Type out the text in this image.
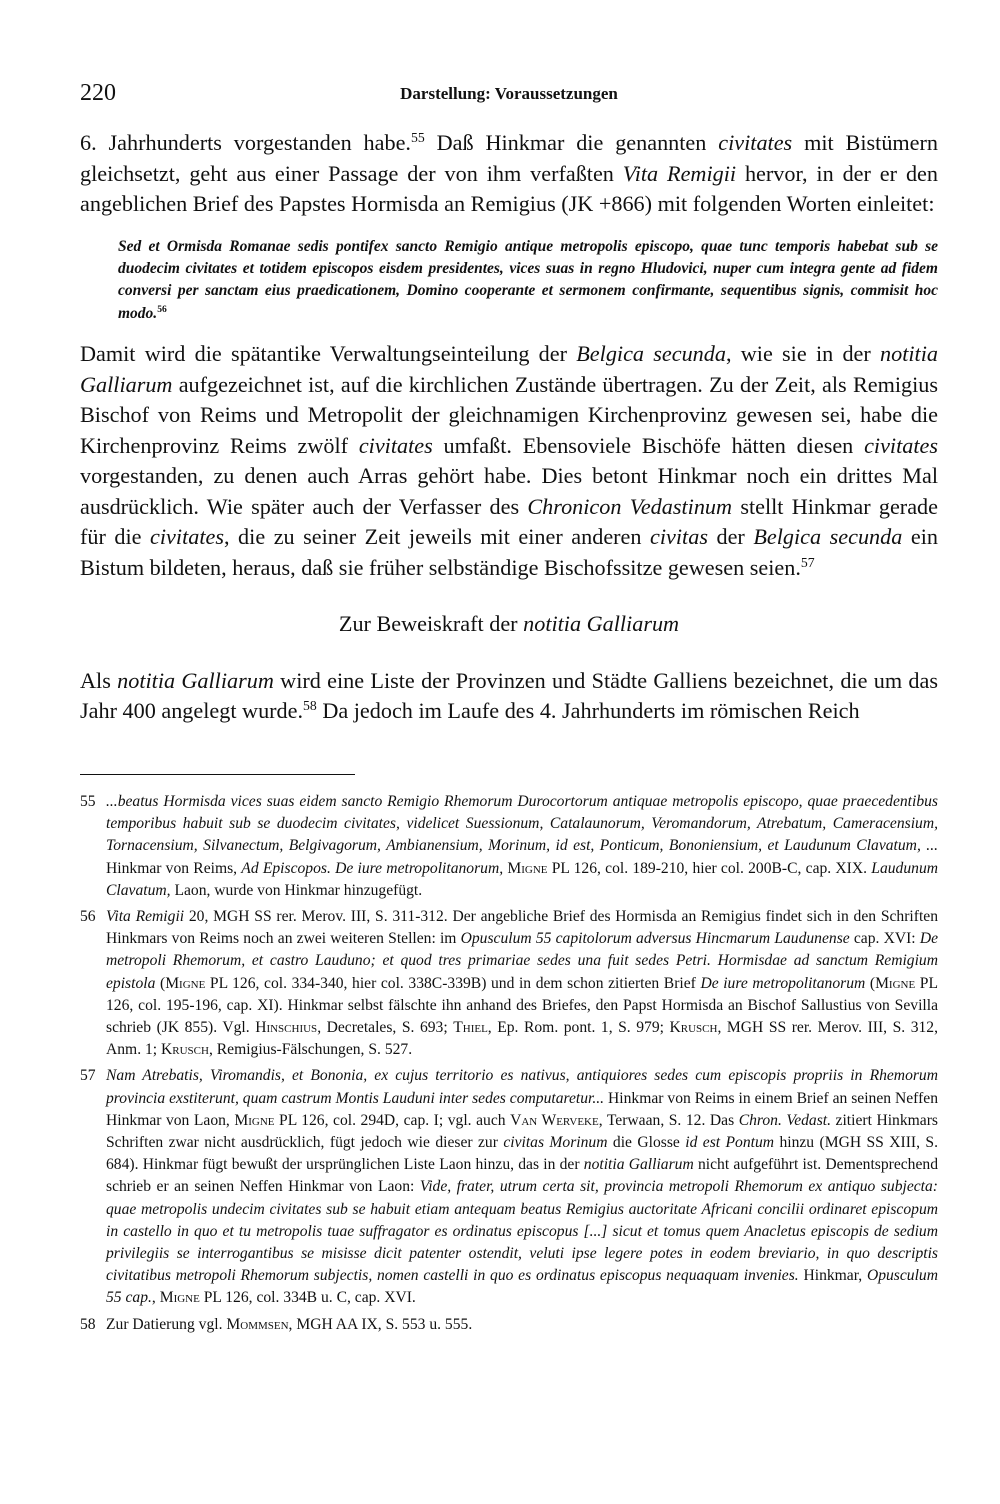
220	Darstellung: Voraussetzungen

6. Jahrhunderts vorgestanden habe.$^{55}$ Daß Hinkmar die genannten civitates mit Bistümern gleichsetzt, geht aus einer Passage der von ihm verfaßten Vita Remigii hervor, in der er den angeblichen Brief des Papstes Hormisda an Remigius (JK +866) mit folgenden Worten einleitet:

Sed et Ormisda Romanae sedis pontifex sancto Remigio antique metropolis episcopo, quae tunc temporis habebat sub se duodecim civitates et totidem episcopos eisdem presidentes, vices suas in regno Hludovici, nuper cum integra gente ad fidem conversi per sanctam eius praedicationem, Domino cooperante et sermonem confirmante, sequentibus signis, commisit hoc modo.$^{56}$

Damit wird die spätantike Verwaltungseinteilung der Belgica secunda, wie sie in der notitia Galliarum aufgezeichnet ist, auf die kirchlichen Zustände übertragen. Zu der Zeit, als Remigius Bischof von Reims und Metropolit der gleichnamigen Kirchenprovinz gewesen sei, habe die Kirchenprovinz Reims zwölf civitates umfaßt. Ebensoviele Bischöfe hätten diesen civitates vorgestanden, zu denen auch Arras gehört habe. Dies betont Hinkmar noch ein drittes Mal ausdrücklich. Wie später auch der Verfasser des Chronicon Vedastinum stellt Hinkmar gerade für die civitates, die zu seiner Zeit jeweils mit einer anderen civitas der Belgica secunda ein Bistum bildeten, heraus, daß sie früher selbständige Bischofssitze gewesen seien.$^{57}$

Zur Beweiskraft der notitia Galliarum

Als notitia Galliarum wird eine Liste der Provinzen und Städte Galliens bezeichnet, die um das Jahr 400 angelegt wurde.$^{58}$ Da jedoch im Laufe des 4. Jahrhunderts im römischen Reich

55 ...beatus Hormisda vices suas eidem sancto Remigio Rhemorum Durocortorum antiquae metropolis episcopo, quae praecedentibus temporibus habuit sub se duodecim civitates, videlicet Suessionum, Catalaunorum, Veromandorum, Atrebatum, Cameracensium, Tornacensium, Silvanectum, Belgivagorum, Ambianensium, Morinum, id est, Ponticum, Bononiensium, et Laudunum Clavatum, ... Hinkmar von Reims, Ad Episcopos. De iure metropolitanorum, Migne PL 126, col. 189-210, hier col. 200B-C, cap. XIX. Laudunum Clavatum, Laon, wurde von Hinkmar hinzugefügt.

56 Vita Remigii 20, MGH SS rer. Merov. III, S. 311-312. Der angebliche Brief des Hormisda an Remigius findet sich in den Schriften Hinkmars von Reims noch an zwei weiteren Stellen: im Opusculum 55 capitolorum adversus Hincmarum Laudunense cap. XVI: De metropoli Rhemorum, et castro Lauduno; et quod tres primariae sedes una fuit sedes Petri. Hormisdae ad sanctum Remigium epistola (Migne PL 126, col. 334-340, hier col. 338C-339B) und in dem schon zitierten Brief De iure metropolitanorum (Migne PL 126, col. 195-196, cap. XI). Hinkmar selbst fälschte ihn anhand des Briefes, den Papst Hormisda an Bischof Sallustius von Sevilla schrieb (JK 855). Vgl. Hinschius, Decretales, S. 693; Thiel, Ep. Rom. pont. 1, S. 979; Krusch, MGH SS rer. Merov. III, S. 312, Anm. 1; Krusch, Remigius-Fälschungen, S. 527.

57 Nam Atrebatis, Viromandis, et Bononia, ex cujus territorio es nativus, antiquiores sedes cum episcopis propriis in Rhemorum provincia exstiterunt, quam castrum Montis Lauduni inter sedes computaretur... Hinkmar von Reims in einem Brief an seinen Neffen Hinkmar von Laon, Migne PL 126, col. 294D, cap. I; vgl. auch Van Werveke, Terwaan, S. 12. Das Chron. Vedast. zitiert Hinkmars Schriften zwar nicht ausdrücklich, fügt jedoch wie dieser zur civitas Morinum die Glosse id est Pontum hinzu (MGH SS XIII, S. 684). Hinkmar fügt bewußt der ursprünglichen Liste Laon hinzu, das in der notitia Galliarum nicht aufgeführt ist. Dementsprechend schrieb er an seinen Neffen Hinkmar von Laon: Vide, frater, utrum certa sit, provincia metropoli Rhemorum ex antiquo subjecta: quae metropolis undecim civitates sub se habuit etiam antequam beatus Remigius auctoritate Africani concilii ordinaret episcopum in castello in quo et tu metropolis tuae suffragator es ordinatus episcopus [...] sicut et tomus quem Anacletus episcopis de sedium privilegiis se interrogantibus se misisse dicit patenter ostendit, veluti ipse legere potes in eodem breviario, in quo descriptis civitatibus metropoli Rhemorum subjectis, nomen castelli in quo es ordinatus episcopus nequaquam invenies. Hinkmar, Opusculum 55 cap., Migne PL 126, col. 334B u. C, cap. XVI.

58 Zur Datierung vgl. Mommsen, MGH AA IX, S. 553 u. 555.
